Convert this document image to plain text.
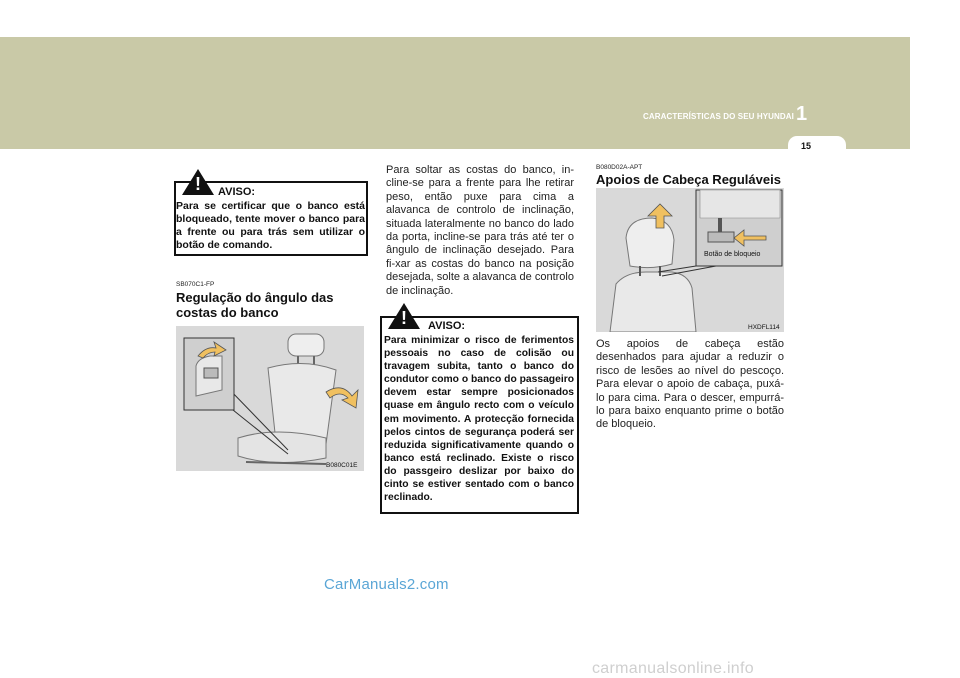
CARACTERÍSTICAS DO SEU HYUNDAI 1
15
!	AVISO:
Para se certificar que o banco está bloqueado, tente mover o banco para a frente ou para trás sem utilizar o botão de comando.
SB070C1-FP
Regulação do ângulo das costas do banco
B080C01E
Para soltar as costas do banco, in-cline-se para a frente para lhe retirar peso, então puxe para cima a alavanca de controlo de inclinação, situada lateralmente no banco do lado da porta, incline-se para trás até ter o ângulo de inclinação desejado. Para fi-xar as costas do banco na posição desejada, solte a alavanca de controlo de inclinação.
!	AVISO:
Para minimizar o risco de ferimentos pessoais no caso de colisão ou travagem subita, tanto o banco do condutor como o banco do passageiro devem estar sempre posicionados quase em ângulo recto com o veículo em movimento. A protecção fornecida pelos cintos de segurança poderá ser reduzida significativamente quando o banco está reclinado. Existe o risco do passgeiro deslizar por baixo do cinto se estiver sentado com o banco reclinado.
B080D02A-APT
Apoios de Cabeça Reguláveis
Botão de bloqueio
HXDFL114
Os apoios de cabeça estão desenhados para ajudar a reduzir o risco de lesões ao nível do pescoço. Para elevar o apoio de cabaça, puxá-lo para cima. Para o descer, empurrá-lo para baixo enquanto prime o botão de bloqueio.
CarManuals2.com
carmanualsonline.info
